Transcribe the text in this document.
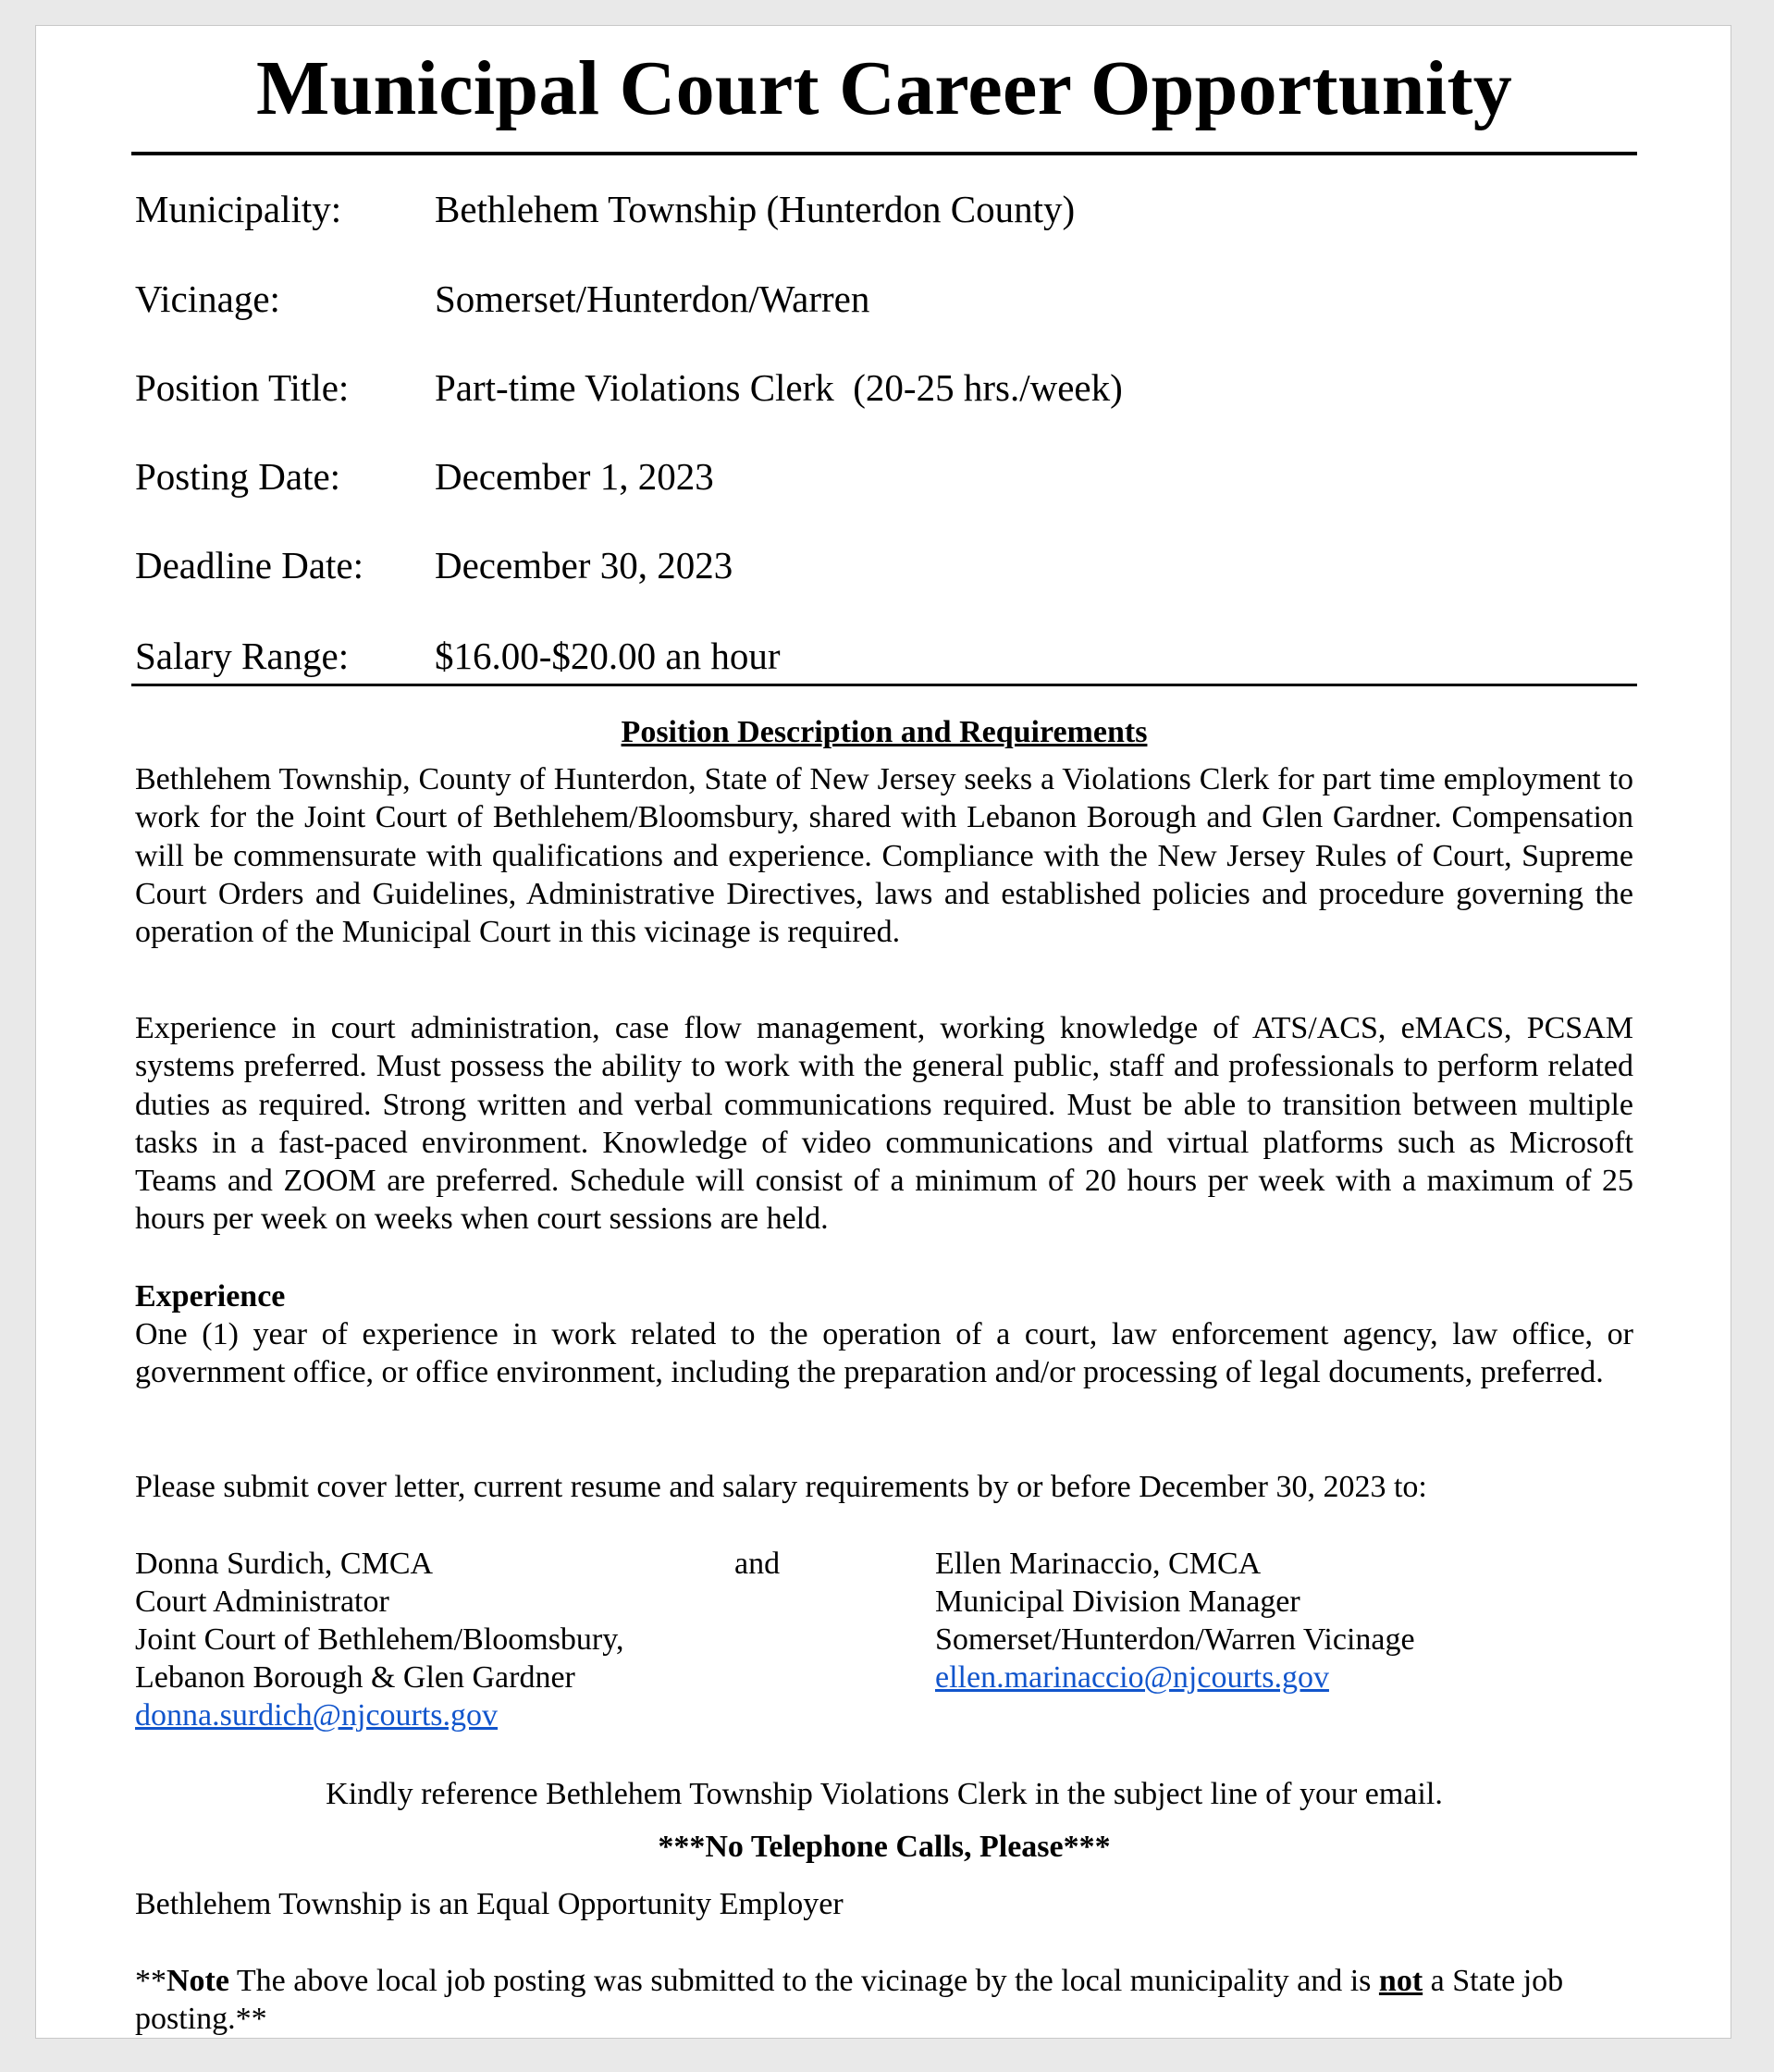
Municipal Court Career Opportunity
Municipality: Bethlehem Township (Hunterdon County)
Vicinage:	Somerset/Hunterdon/Warren
Position Title: Part-time Violations Clerk  (20-25 hrs./week)
Posting Date: December 1, 2023
Deadline Date: December 30, 2023
Salary Range: $16.00-$20.00 an hour
Position Description and Requirements

Bethlehem Township, County of Hunterdon, State of New Jersey seeks a Violations Clerk for part time employment to work for the Joint Court of Bethlehem/Bloomsbury, shared with Lebanon Borough and Glen Gardner. Compensation will be commensurate with qualifications and experience. Compliance with the New Jersey Rules of Court, Supreme Court Orders and Guidelines, Administrative Directives, laws and established policies and procedure governing the operation of the Municipal Court in this vicinage is required.

Experience in court administration, case flow management, working knowledge of ATS/ACS, eMACS, PCSAM systems preferred. Must possess the ability to work with the general public, staff and professionals to perform related duties as required. Strong written and verbal communications required. Must be able to transition between multiple tasks in a fast-paced environment. Knowledge of video communications and virtual platforms such as Microsoft Teams and ZOOM are preferred. Schedule will consist of a minimum of 20 hours per week with a maximum of 25 hours per week on weeks when court sessions are held.

Experience

One (1) year of experience in work related to the operation of a court, law enforcement agency, law office, or government office, or office environment, including the preparation and/or processing of legal documents, preferred.

Please submit cover letter, current resume and salary requirements by or before December 30, 2023 to:
Donna Surdich, CMCA
Court Administrator
Joint Court of Bethlehem/Bloomsbury,
Lebanon Borough & Glen Gardner
donna.surdich@njcourts.gov
and	Ellen Marinaccio, CMCA
Municipal Division Manager
Somerset/Hunterdon/Warren Vicinage
ellen.marinaccio@njcourts.gov
Kindly reference Bethlehem Township Violations Clerk in the subject line of your email.
***No Telephone Calls, Please***
Bethlehem Township is an Equal Opportunity Employer

**Note The above local job posting was submitted to the vicinage by the local municipality and is not a State job posting.**
